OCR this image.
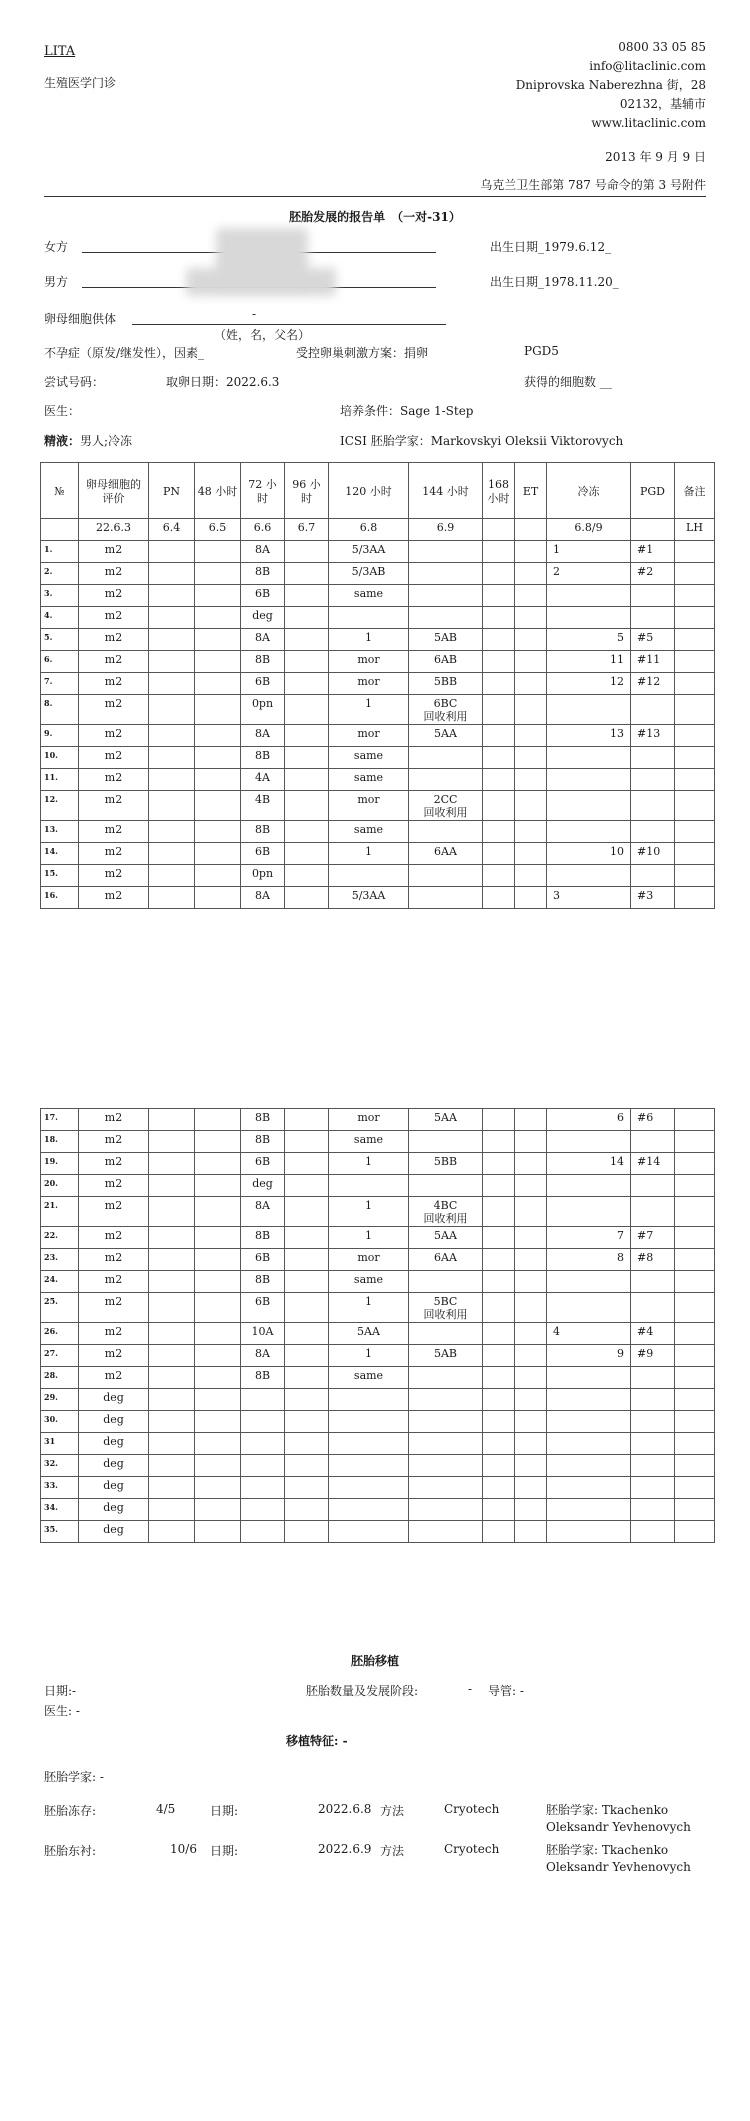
LITA
生殖医学门诊
0800 33 05 85
info@litaclinic.com
Dniprovska Naberezhna 街，28
02132，基辅市
www.litaclinic.com
2013 年 9 月 9 日
乌克兰卫生部第 787 号命令的第 3 号附件
胚胎发展的报告单　（一对-31）
女方	出生日期_1979.6.12_
男方	出生日期_1978.11.20_
卵母细胞供体	-
（姓，名，父名）
不孕症（原发/继发性），因素_	受控卵巢刺激方案：捐卵	PGD5
尝试号码：	取卵日期：2022.6.3	获得的细胞数 __
医生：	培养条件：Sage 1-Step
精液：男人;冷冻	ICSI 胚胎学家：Markovskyi Oleksii Viktorovych
№	卵母细胞的评价	PN	48 小时	72 小时	96 小时	120 小时	144 小时	168 小时	ET	冷冻	PGD	备注
	22.6.3	6.4	6.5	6.6	6.7	6.8	6.9			6.8/9		LH

1.	m2			8A		5/3AA				1	#1	

2.	m2			8B		5/3AB				2	#2	

3.	m2			6B		same						

4.	m2			deg								

5.	m2			8A		1	5AB			5	#5	

6.	m2			8B		mor	6AB			11	#11	

7.	m2			6B		mor	5BB			12	#12	

8.	m2			0pn		1	6BC
回收利用					

9.	m2			8A		mor	5AA			13	#13	

10.	m2			8B		same						

11.	m2			4A		same						

12.	m2			4B		mor	2CC
回收利用					

13.	m2			8B		same						

14.	m2			6B		1	6AA			10	#10	

15.	m2			0pn								

16.	m2			8A		5/3AA				3	#3	

17.	m2			8B		mor	5AA			6	#6	

18.	m2			8B		same						

19.	m2			6B		1	5BB			14	#14	

20.	m2			deg								

21.	m2			8A		1	4BC
回收利用					

22.	m2			8B		1	5AA			7	#7	

23.	m2			6B		mor	6AA			8	#8	

24.	m2			8B		same						

25.	m2			6B		1	5BC
回收利用					

26.	m2			10A		5AA				4	#4	

27.	m2			8A		1	5AB			9	#9	

28.	m2			8B		same						

29.	deg											

30.	deg											

31	deg											

32.	deg											

33.	deg											

34.	deg											

35.	deg											

胚胎移植
日期:-	胚胎数量及发展阶段:	- 导管: -
医生: -
移植特征: -
胚胎学家: -
胚胎冻存:	4/5	日期:	2022.6.8 方法	Cryotech	胚胎学家: Tkachenko
Oleksandr Yevhenovych
胚胎东衬:	10/6 日期:	2022.6.9 方法	Cryotech	胚胎学家: Tkachenko
Oleksandr Yevhenovych
